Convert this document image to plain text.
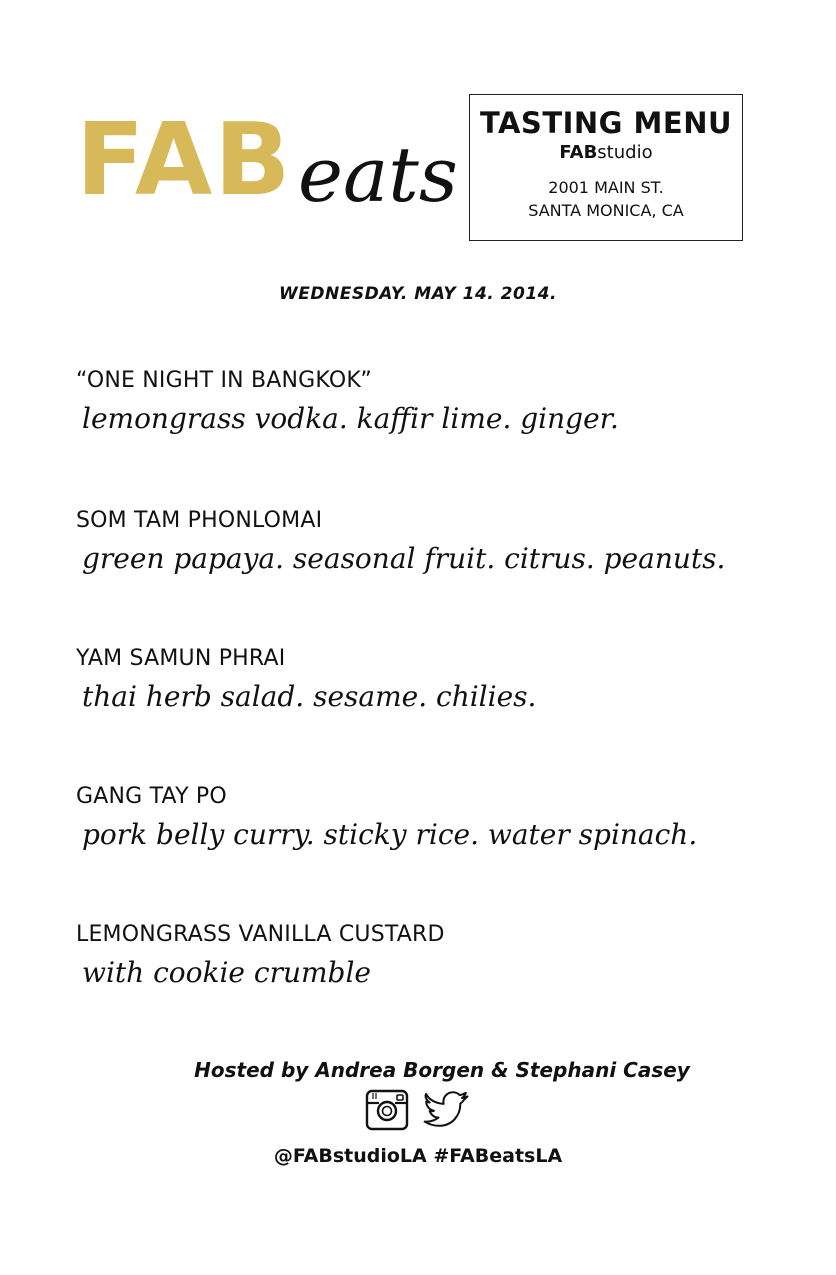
FAB eats
TASTING MENU
FABstudio
2001 MAIN ST.
SANTA MONICA, CA
WEDNESDAY. MAY 14. 2014.
“ONE NIGHT IN BANGKOK”
lemongrass vodka. kaffir lime. ginger.
SOM TAM PHONLOMAI
green papaya. seasonal fruit. citrus. peanuts.
YAM SAMUN PHRAI
thai herb salad. sesame. chilies.
GANG TAY PO
pork belly curry. sticky rice. water spinach.
LEMONGRASS VANILLA CUSTARD
with cookie crumble
Hosted by Andrea Borgen & Stephani Casey

@FABstudioLA #FABeatsLA
